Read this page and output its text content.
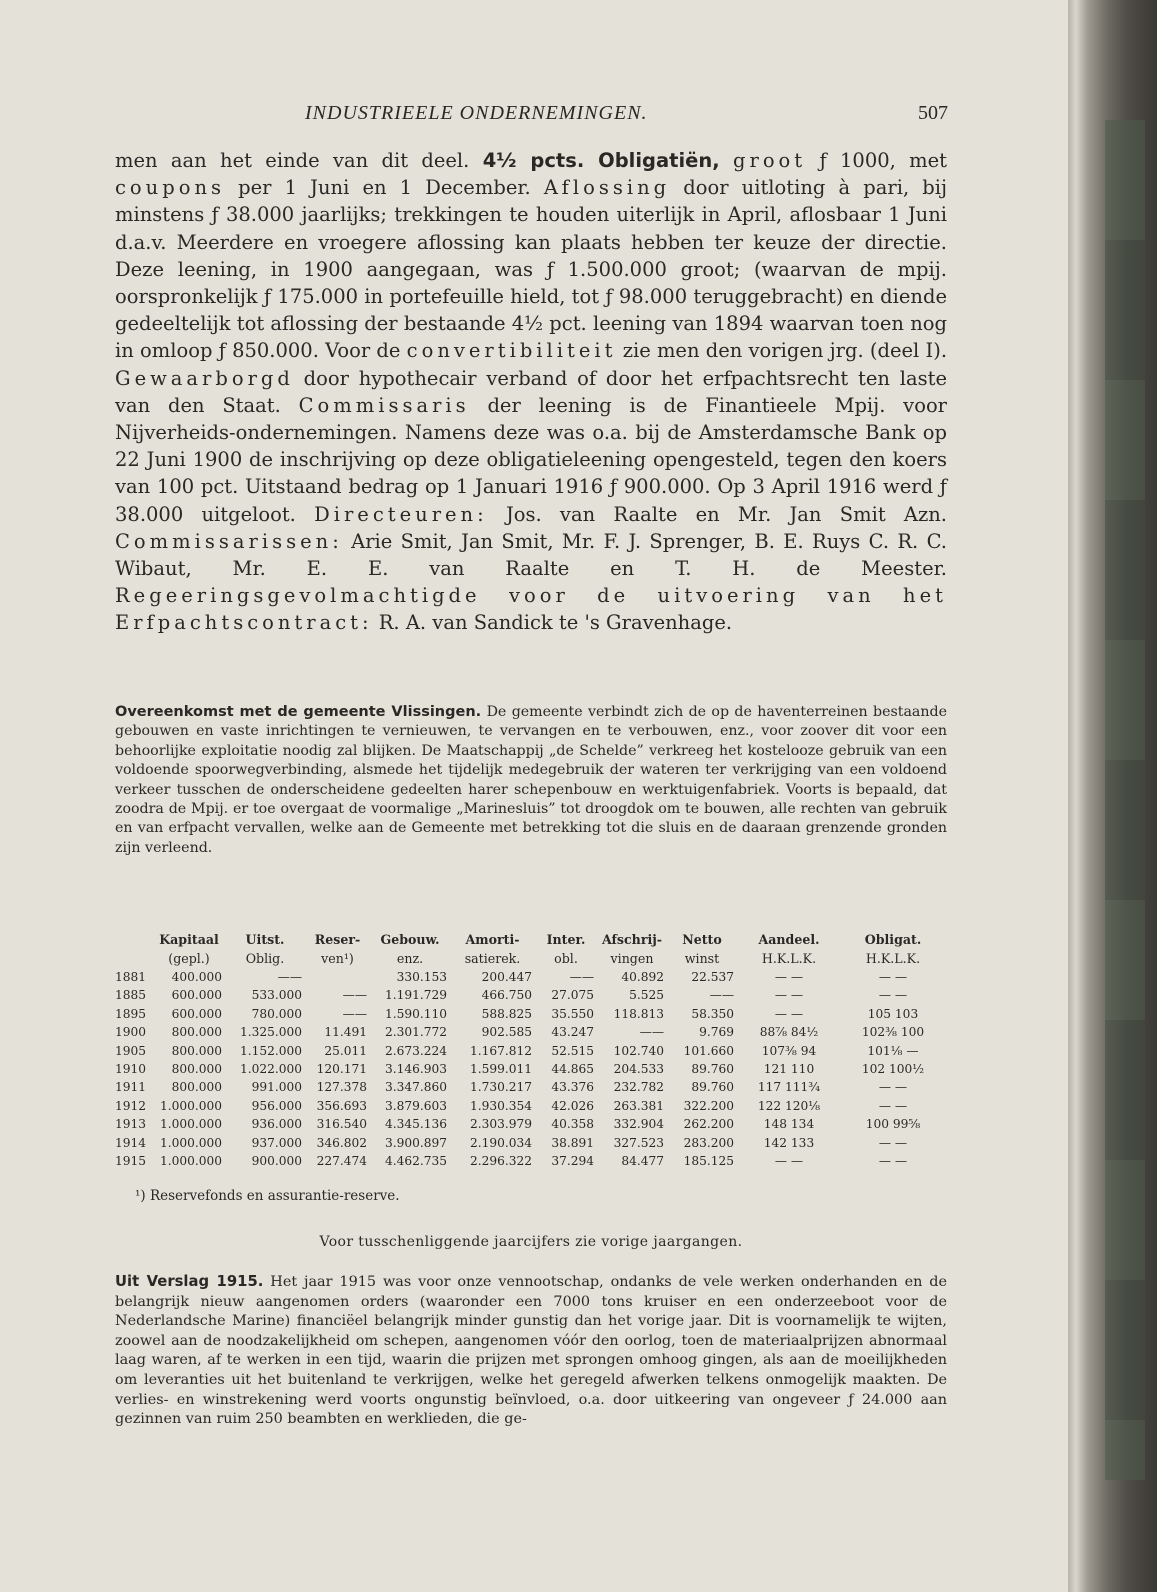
INDUSTRIEELE ONDERNEMINGEN.	507
men aan het einde van dit deel. 4½ pcts. Obligatiën, groot ƒ 1000, met coupons per 1 Juni en 1 December. Aflossing door uitloting à pari, bij minstens ƒ 38.000 jaarlijks; trekkingen te houden uiterlijk in April, aflosbaar 1 Juni d.a.v. Meerdere en vroegere aflossing kan plaats hebben ter keuze der directie. Deze leening, in 1900 aangegaan, was ƒ 1.500.000 groot; (waarvan de mpij. oorspronkelijk ƒ 175.000 in portefeuille hield, tot ƒ 98.000 teruggebracht) en diende gedeeltelijk tot aflossing der bestaande 4½ pct. leening van 1894 waarvan toen nog in omloop ƒ 850.000. Voor de convertibiliteit zie men den vorigen jrg. (deel I). Gewaarborgd door hypothecair verband of door het erfpachtsrecht ten laste van den Staat. Commissaris der leening is de Finantieele Mpij. voor Nijverheids-ondernemingen. Namens deze was o.a. bij de Amsterdamsche Bank op 22 Juni 1900 de inschrijving op deze obligatieleening opengesteld, tegen den koers van 100 pct. Uitstaand bedrag op 1 Januari 1916 ƒ 900.000. Op 3 April 1916 werd ƒ 38.000 uitgeloot. Directeuren: Jos. van Raalte en Mr. Jan Smit Azn. Commissarissen: Arie Smit, Jan Smit, Mr. F. J. Sprenger, B. E. Ruys C. R. C. Wibaut, Mr. E. E. van Raalte en T. H. de Meester. Regeeringsgevolmachtigde voor de uitvoering van het Erfpachtscontract: R. A. van Sandick te 's Gravenhage.
Overeenkomst met de gemeente Vlissingen. De gemeente verbindt zich de op de haventerreinen bestaande gebouwen en vaste inrichtingen te vernieuwen, te vervangen en te verbouwen, enz., voor zoover dit voor een behoorlijke exploitatie noodig zal blijken. De Maatschappij „de Schelde” verkreeg het kostelooze gebruik van een voldoende spoorwegverbinding, alsmede het tijdelijk medegebruik der wateren ter verkrijging van een voldoend verkeer tusschen de onderscheidene gedeelten harer schepenbouw en werktuigenfabriek. Voorts is bepaald, dat zoodra de Mpij. er toe overgaat de voormalige „Marinesluis” tot droogdok om te bouwen, alle rechten van gebruik en van erfpacht vervallen, welke aan de Gemeente met betrekking tot die sluis en de daaraan grenzende gronden zijn verleend.
	Kapitaal	Uitst.	Reser-	Gebouw.	Amorti-	Inter.	Afschrij-	Netto	Aandeel.	Obligat.
	(gepl.)	Oblig.	ven¹)	enz.	satierek.	obl.	vingen	winst	H.K.L.K.	H.K.L.K.
1881	400.000	——		330.153	200.447	——	40.892	22.537	— —	— —
1885	600.000	533.000	——	1.191.729	466.750	27.075	5.525	——	— —	— —
1895	600.000	780.000	——	1.590.110	588.825	35.550	118.813	58.350	— —	105 103
1900	800.000	1.325.000	11.491	2.301.772	902.585	43.247	——	9.769	88⅞ 84½	102⅜ 100
1905	800.000	1.152.000	25.011	2.673.224	1.167.812	52.515	102.740	101.660	107⅜ 94	101⅛ —
1910	800.000	1.022.000	120.171	3.146.903	1.599.011	44.865	204.533	89.760	121 110	102 100½
1911	800.000	991.000	127.378	3.347.860	1.730.217	43.376	232.782	89.760	117 111¾	— —
1912	1.000.000	956.000	356.693	3.879.603	1.930.354	42.026	263.381	322.200	122 120⅛	— —
1913	1.000.000	936.000	316.540	4.345.136	2.303.979	40.358	332.904	262.200	148 134	100 99⅝
1914	1.000.000	937.000	346.802	3.900.897	2.190.034	38.891	327.523	283.200	142 133	— —
1915	1.000.000	900.000	227.474	4.462.735	2.296.322	37.294	84.477	185.125	— —	— —
¹) Reservefonds en assurantie-reserve.
Voor tusschenliggende jaarcijfers zie vorige jaargangen.
Uit Verslag 1915. Het jaar 1915 was voor onze vennootschap, ondanks de vele werken onderhanden en de belangrijk nieuw aangenomen orders (waaronder een 7000 tons kruiser en een onderzeeboot voor de Nederlandsche Marine) financiëel belangrijk minder gunstig dan het vorige jaar. Dit is voornamelijk te wijten, zoowel aan de noodzakelijkheid om schepen, aangenomen vóór den oorlog, toen de materiaalprijzen abnormaal laag waren, af te werken in een tijd, waarin die prijzen met sprongen omhoog gingen, als aan de moeilijkheden om leveranties uit het buitenland te verkrijgen, welke het geregeld afwerken telkens onmogelijk maakten. De verlies- en winstrekening werd voorts ongunstig beïnvloed, o.a. door uitkeering van ongeveer ƒ 24.000 aan gezinnen van ruim 250 beambten en werklieden, die ge-
